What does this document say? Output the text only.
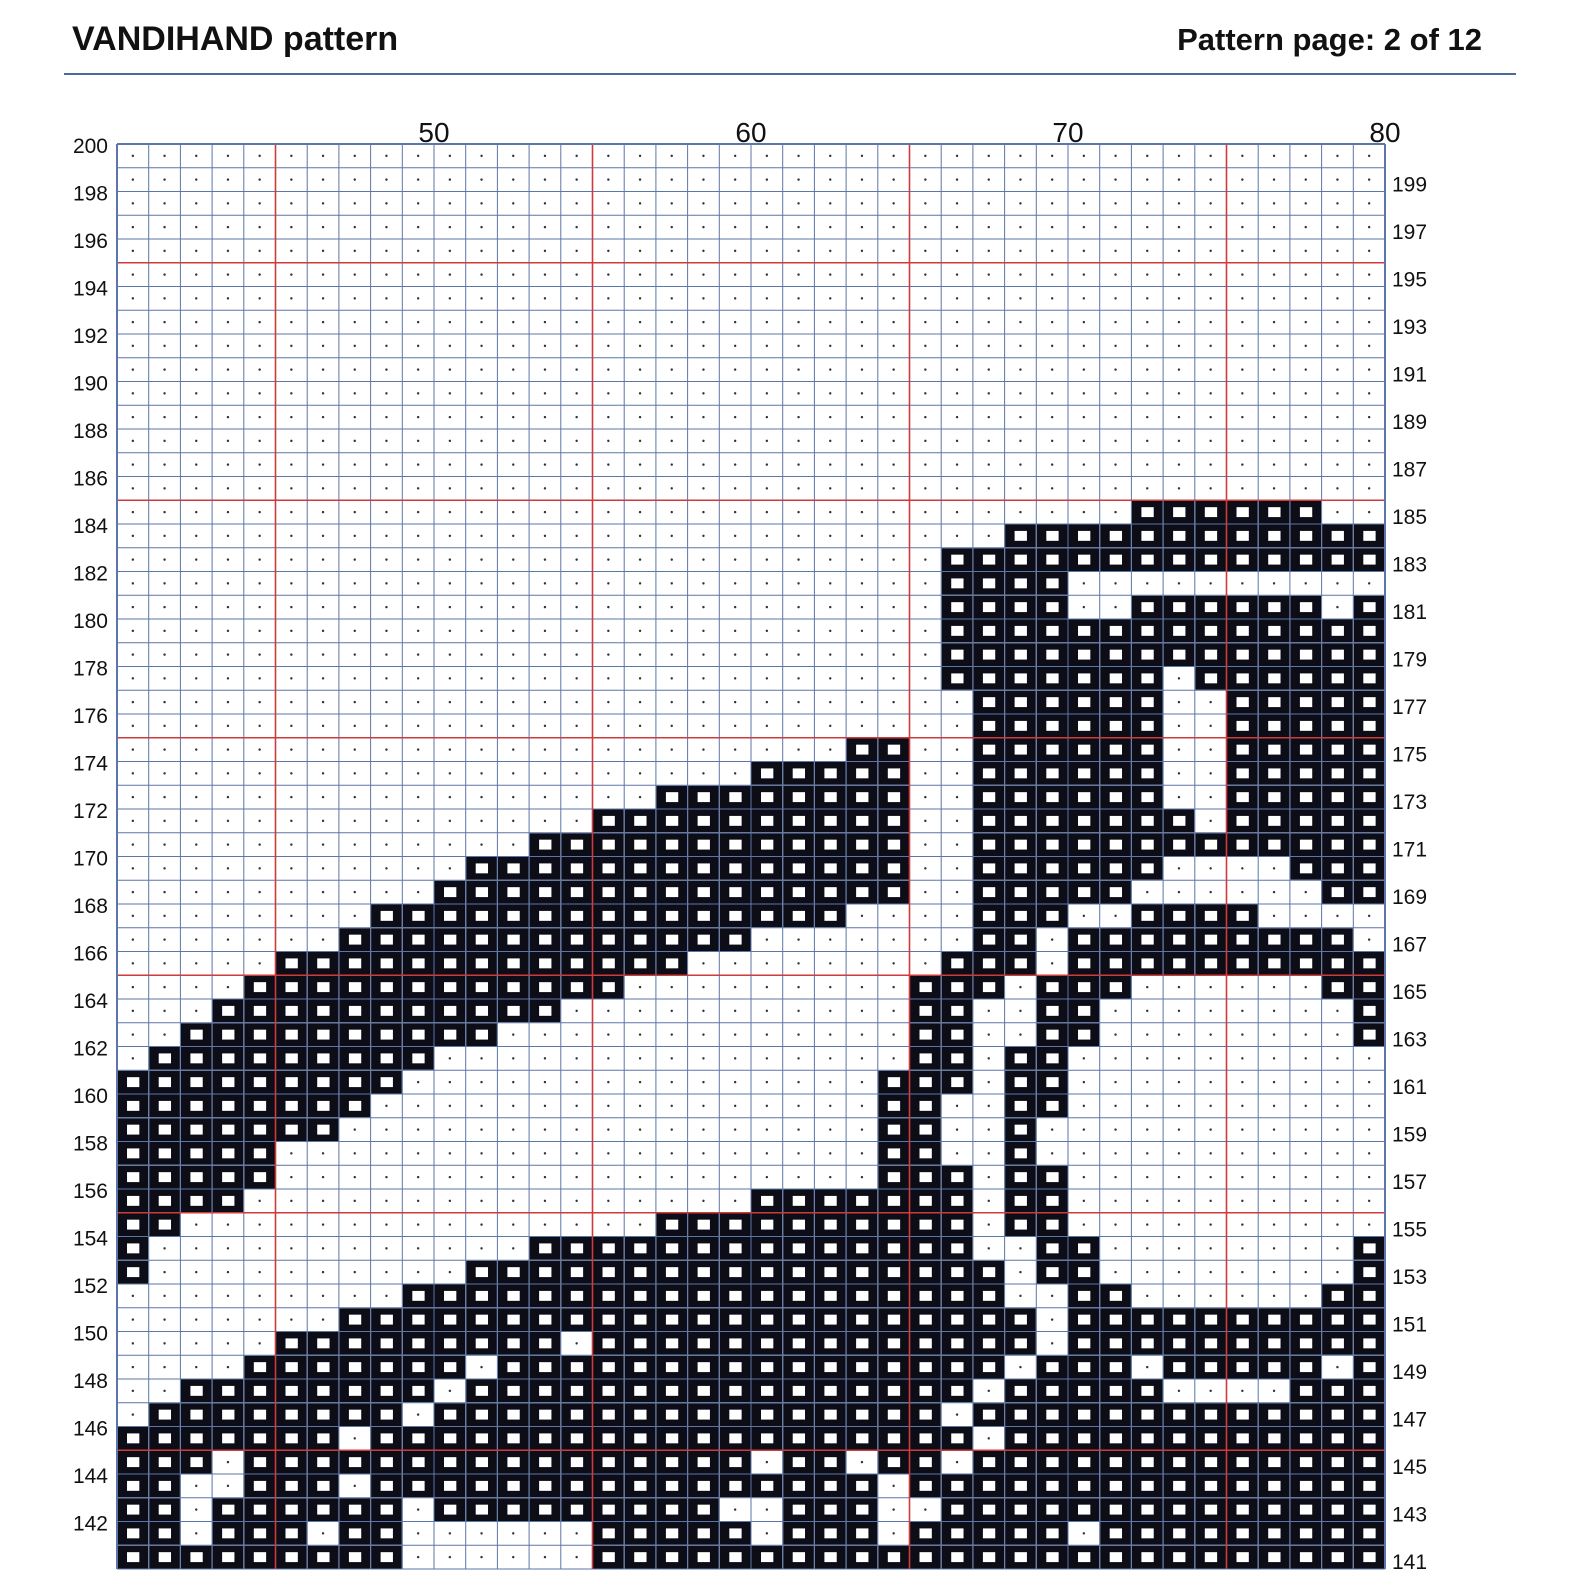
VANDIHAND pattern	Pattern page: 2 of 12
50	60	70	80
200
198
196
194
192
190
188
186
184
182
180
178
176
174
172
170
168
166
164
162
160
158
156
154
152
150
148
146
144
142
199
197
195
193
191
189
187
185
183
181
179
177
175
173
171
169
167
165
163
161
159
157
155
153
151
149
147
145
143
141
